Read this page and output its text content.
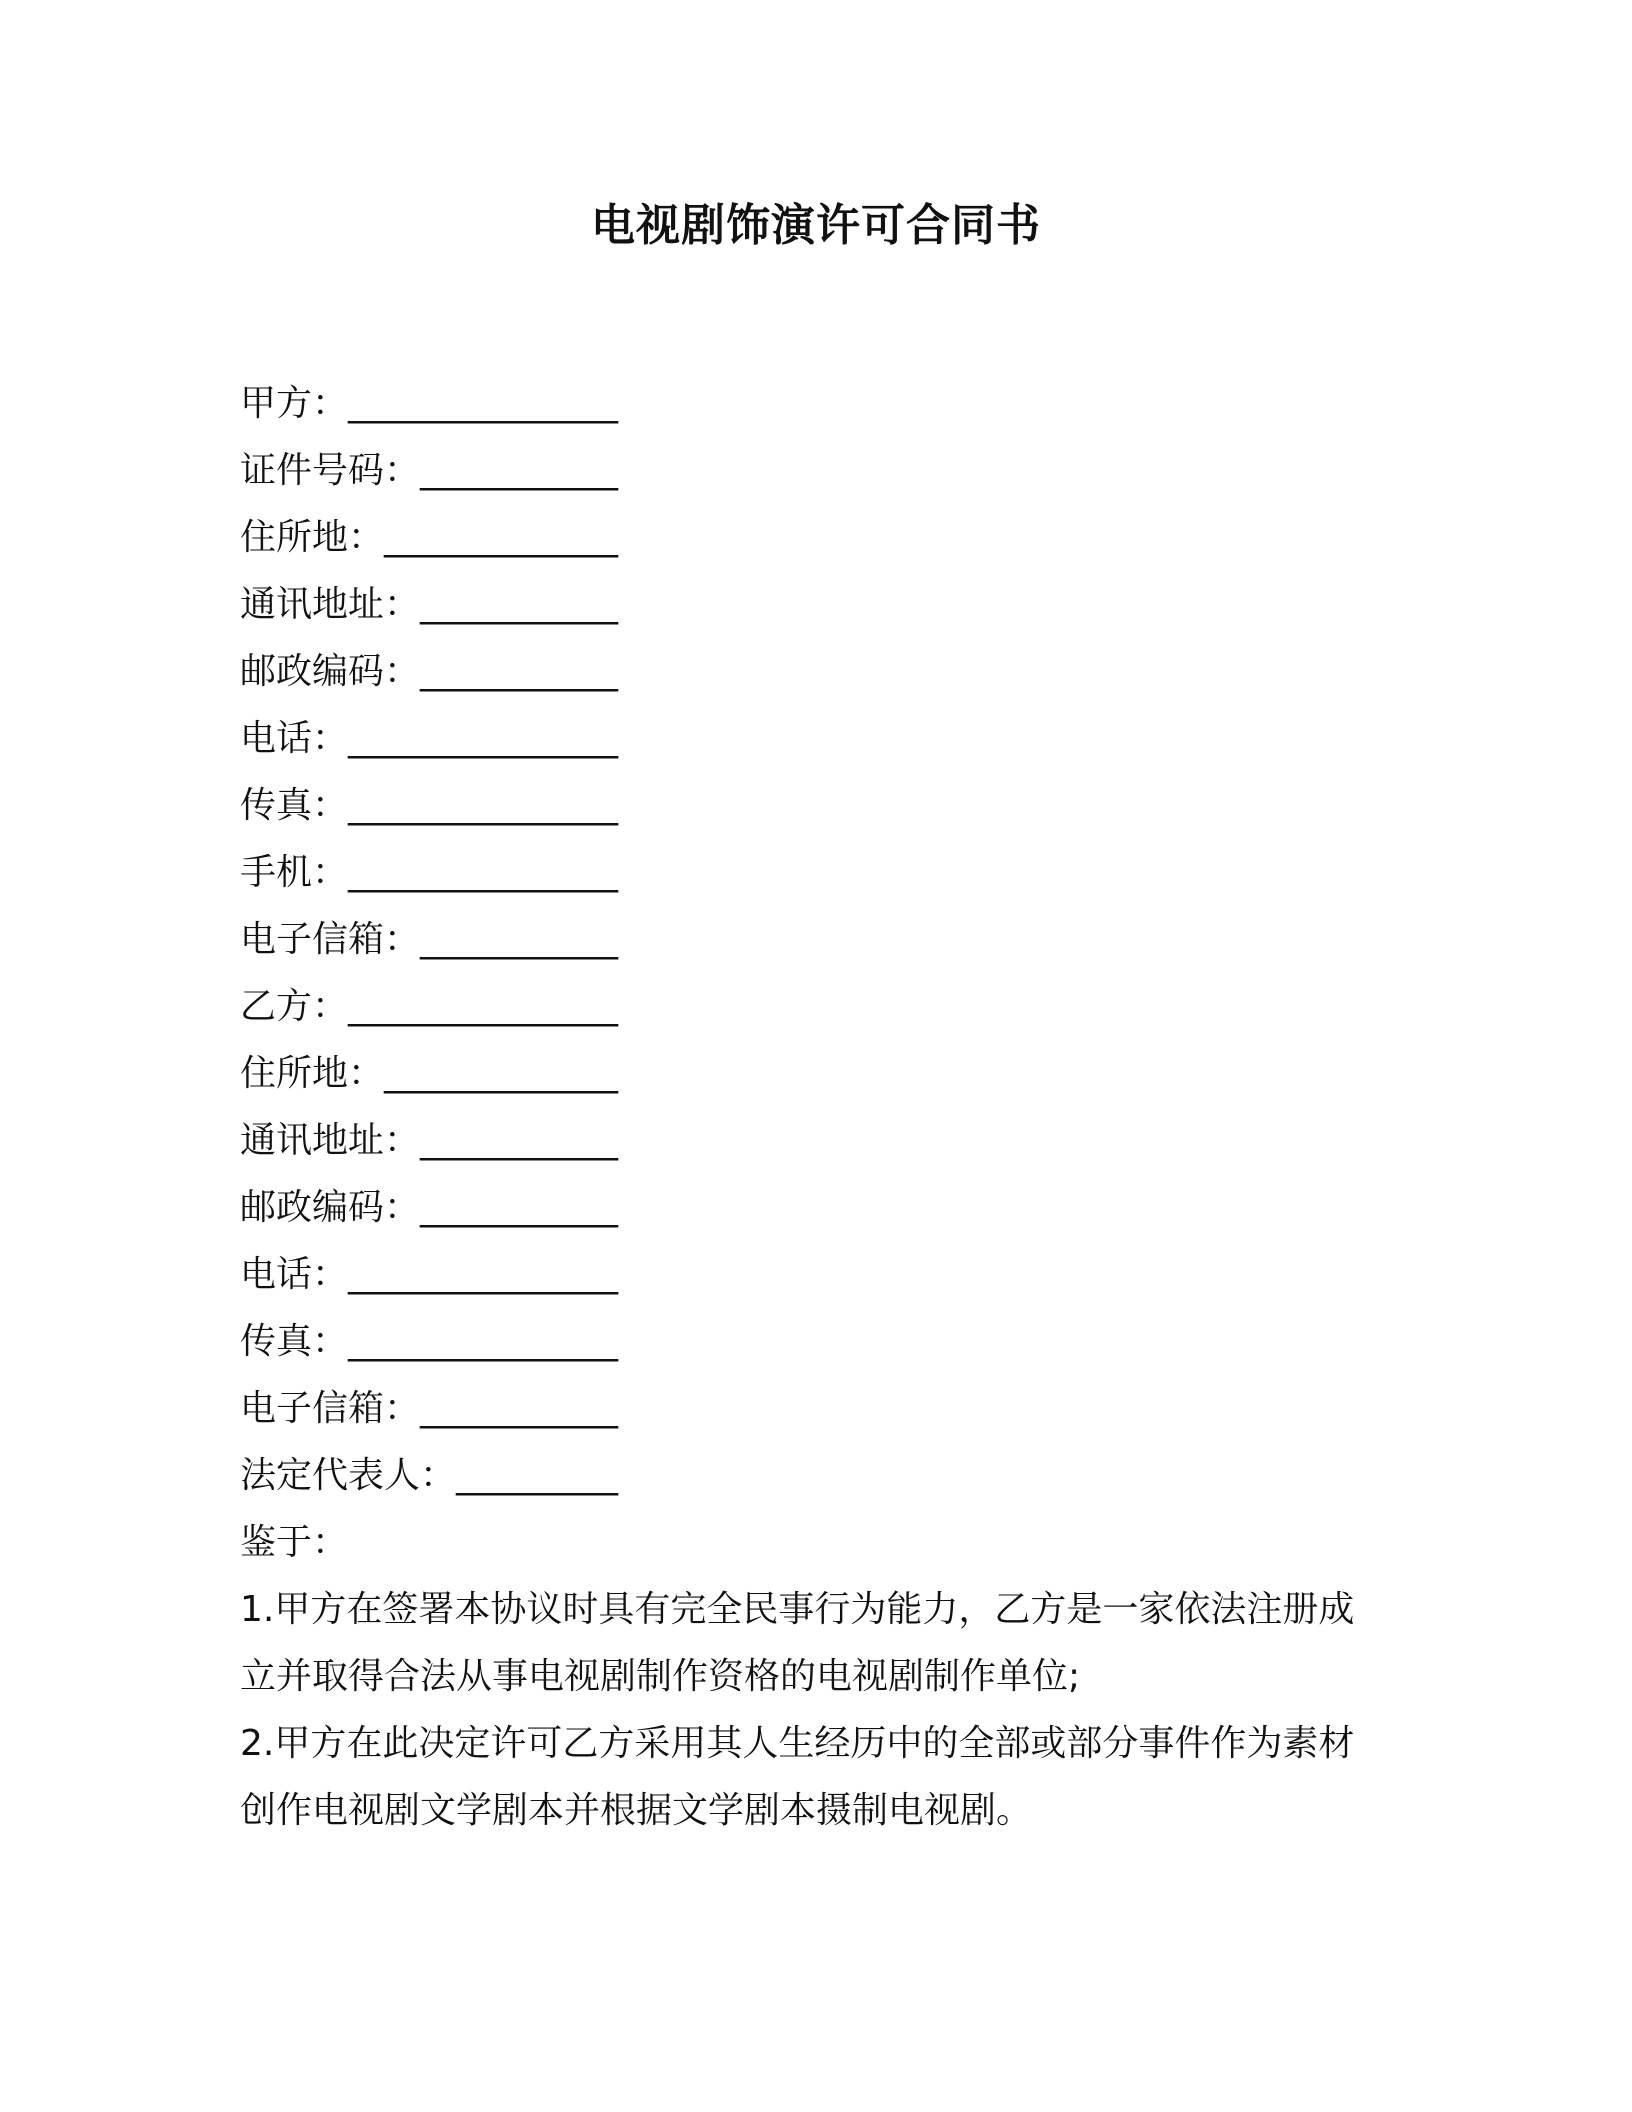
电视剧饰演许可合同书
甲方：_______________
证件号码：___________
住所地：_____________
通讯地址：___________
邮政编码：___________
电话：_______________
传真：_______________
手机：_______________
电子信箱：___________
乙方：_______________
住所地：_____________
通讯地址：___________
邮政编码：___________
电话：_______________
传真：_______________
电子信箱：___________
法定代表人：_________
鉴于：
1.甲方在签署本协议时具有完全民事行为能力，乙方是一家依法注册成立并取得合法从事电视剧制作资格的电视剧制作单位;
2.甲方在此决定许可乙方采用其人生经历中的全部或部分事件作为素材创作电视剧文学剧本并根据文学剧本摄制电视剧。
